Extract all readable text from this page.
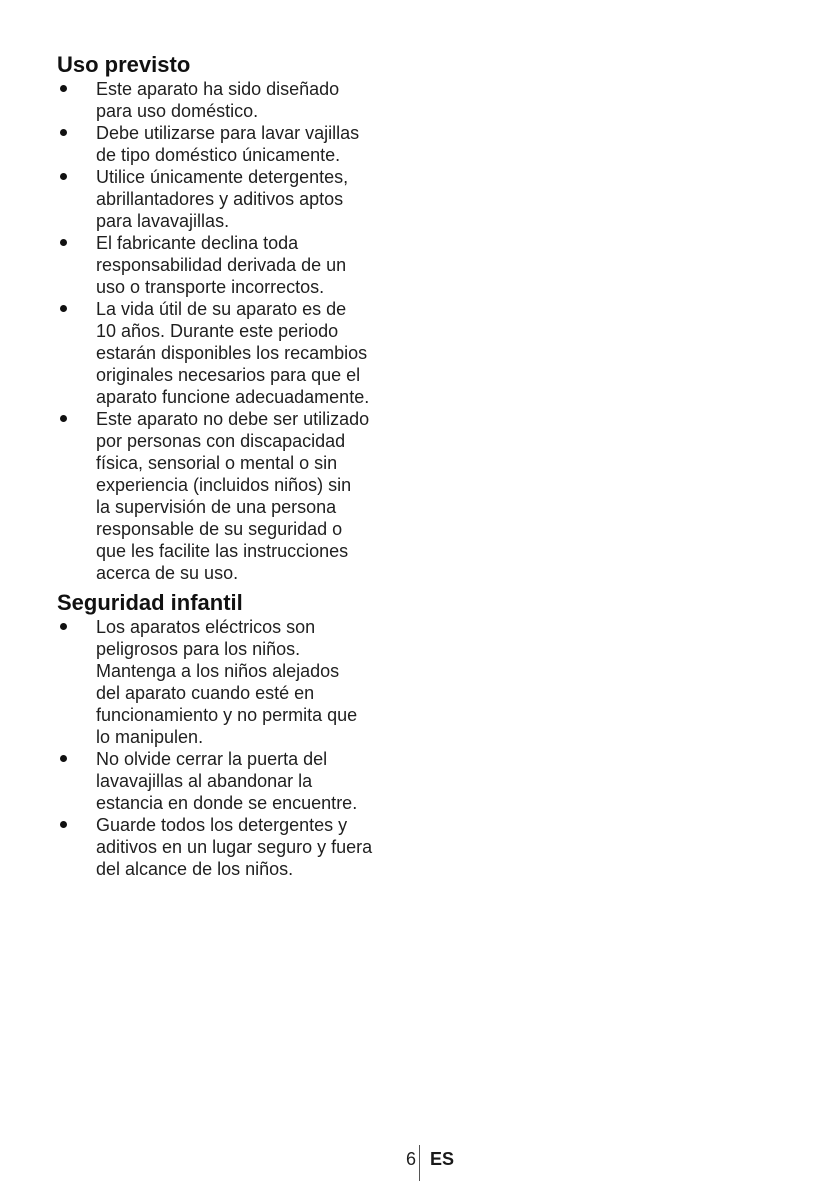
Uso previsto
Este aparato ha sido diseñado
para uso doméstico.
Debe utilizarse para lavar vajillas
de tipo doméstico únicamente.
Utilice únicamente detergentes,
abrillantadores y aditivos aptos
para lavavajillas.
El fabricante declina toda
responsabilidad derivada de un
uso o transporte incorrectos.
La vida útil de su aparato es de
10 años. Durante este periodo
estarán disponibles los recambios
originales necesarios para que el
aparato funcione adecuadamente.
Este aparato no debe ser utilizado
por personas con discapacidad
física, sensorial o mental o sin
experiencia (incluidos niños) sin
la supervisión de una persona
responsable de su seguridad o
que les facilite las instrucciones
acerca de su uso.
Seguridad infantil
Los aparatos eléctricos son
peligrosos para los niños.
Mantenga a los niños alejados
del aparato cuando esté en
funcionamiento y no permita que
lo manipulen.
No olvide cerrar la puerta del
lavavajillas al abandonar la
estancia en donde se encuentre.
Guarde todos los detergentes y
aditivos en un lugar seguro y fuera
del alcance de los niños.
6 ES
